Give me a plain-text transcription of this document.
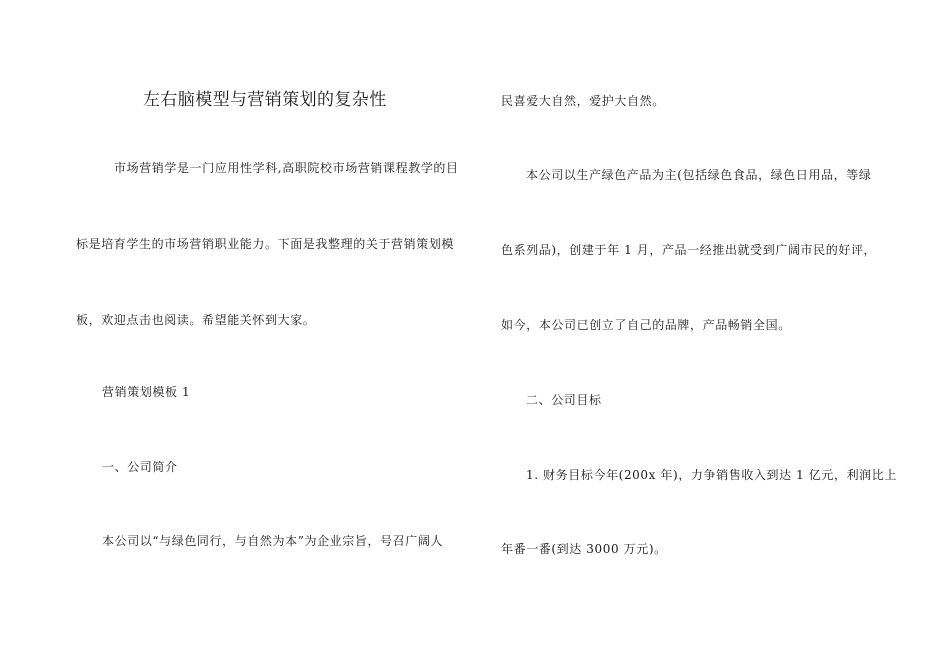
左右脑模型与营销策划的复杂性
市场营销学是一门应用性学科,高职院校市场营销课程教学的目
标是培育学生的市场营销职业能力。下面是我整理的关于营销策划模
板，欢迎点击也阅读。希望能关怀到大家。
营销策划模板 1
一、公司简介
本公司以“与绿色同行，与自然为本”为企业宗旨，号召广阔人
民喜爱大自然，爱护大自然。
本公司以生产绿色产品为主(包括绿色食品，绿色日用品，等绿
色系列品)，创建于年 1 月，产品一经推出就受到广阔市民的好评，
如今，本公司已创立了自己的品牌，产品畅销全国。
二、公司目标
1. 财务目标今年(200x 年)，力争销售收入到达 1 亿元，利润比上
年番一番(到达 3000 万元)。
